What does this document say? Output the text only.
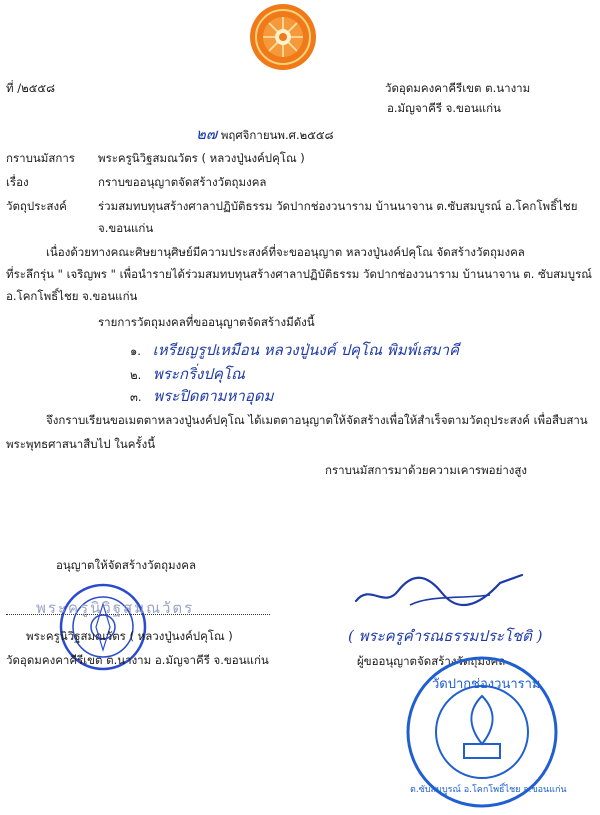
ที่ /๒๕๕๘	วัดอุดมคงคาคีรีเขต ต.นางาม
อ.มัญจาคีรี จ.ขอนแก่น
๒๗ พฤศจิกายนพ.ศ.๒๕๕๘
กราบนมัสการ พระครูนิวิฐสมณวัตร ( หลวงปู่นงค์ปคุโณ )
เรื่อง	กราบขออนุญาตจัดสร้างวัตถุมงคล
วัตถุประสงค์	ร่วมสมทบทุนสร้างศาลาปฏิบัติธรรม วัดปากช่องวนาราม บ้านนาจาน ต.ซับสมบูรณ์ อ.โคกโพธิ์ไชย
จ.ขอนแก่น
เนื่องด้วยทางคณะศิษยานุศิษย์มีความประสงค์ที่จะขออนุญาต หลวงปู่นงค์ปคุโณ จัดสร้างวัตถุมงคล
ที่ระลึกรุ่น " เจริญพร " เพื่อนำรายได้ร่วมสมทบทุนสร้างศาลาปฏิบัติธรรม วัดปากช่องวนาราม บ้านนาจาน ต. ซับสมบูรณ์
อ.โคกโพธิ์ไชย จ.ขอนแก่น
รายการวัตถุมงคลที่ขออนุญาตจัดสร้างมีดังนี้
๑. เหรียญรูปเหมือน หลวงปู่นงค์ ปคุโณ พิมพ์เสมาคี
๒. พระกริ่งปคุโณ
๓. พระปิดตามหาอุดม
จึงกราบเรียนขอเมตตาหลวงปู่นงค์ปคุโณ ได้เมตตาอนุญาตให้จัดสร้างเพื่อให้สำเร็จตามวัตถุประสงค์ เพื่อสืบสาน
พระพุทธศาสนาสืบไป ในครั้งนี้
กราบนมัสการมาด้วยความเคารพอย่างสูง
อนุญาตให้จัดสร้างวัตถุมงคล
พระครูนิวิฐสมณวัตร
พระครูนิวิฐสมณวัตร ( หลวงปู่นงค์ปคุโณ )
วัดอุดมคงคาคีรีเขต ต.นางาม อ.มัญจาคีรี จ.ขอนแก่น
( พระครูคำรณธรรมประโชติ )
ผู้ขออนุญาตจัดสร้างวัตถุมงคล
วัดปากช่องวนาราม
ต.ซับสมบูรณ์ อ.โคกโพธิ์ไชย จ.ขอนแก่น
